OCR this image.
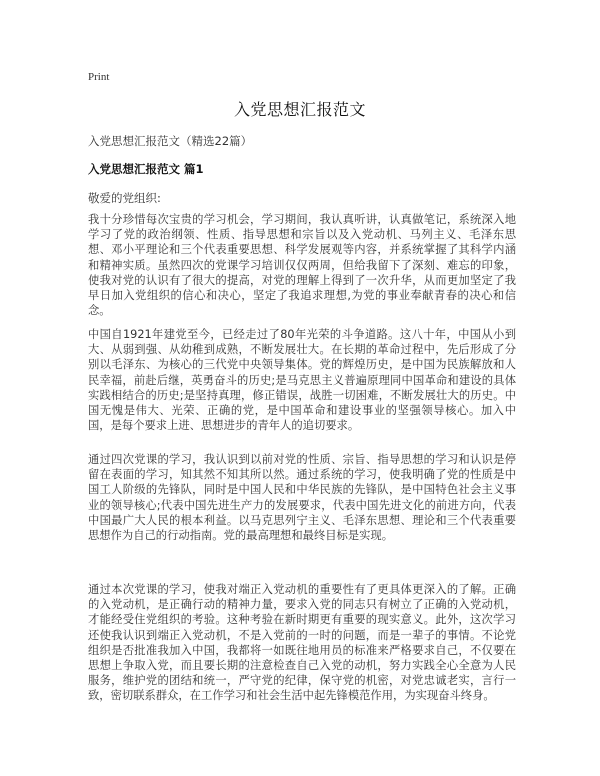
Print
入党思想汇报范文
入党思想汇报范文（精选22篇）
入党思想汇报范文 篇1
敬爱的党组织:

我十分珍惜每次宝贵的学习机会，学习期间，我认真听讲，认真做笔记，系统深入地学习了党的政治纲领、性质、指导思想和宗旨以及入党动机、马列主义、毛泽东思想、邓小平理论和三个代表重要思想、科学发展观等内容，并系统掌握了其科学内涵和精神实质。虽然四次的党课学习培训仅仅两周，但给我留下了深刻、难忘的印象，使我对党的认识有了很大的提高，对党的理解上得到了一次升华，从而更加坚定了我早日加入党组织的信心和决心，坚定了我追求理想,为党的事业奉献青春的决心和信念。

中国自1921年建党至今，已经走过了80年光荣的斗争道路。这八十年，中国从小到大、从弱到强、从幼稚到成熟，不断发展壮大。在长期的革命过程中，先后形成了分别以毛泽东、为核心的三代党中央领导集体。党的辉煌历史，是中国为民族解放和人民幸福，前赴后继，英勇奋斗的历史;是马克思主义普遍原理同中国革命和建设的具体实践相结合的历史;是坚持真理，修正错误，战胜一切困难，不断发展壮大的历史。中国无愧是伟大、光荣、正确的党，是中国革命和建设事业的坚强领导核心。加入中国，是每个要求上进、思想进步的青年人的追切要求。

通过四次党课的学习，我认识到以前对党的性质、宗旨、指导思想的学习和认识是停留在表面的学习，知其然不知其所以然。通过系统的学习，使我明确了党的性质是中国工人阶级的先锋队，同时是中国人民和中华民族的先锋队，是中国特色社会主义事业的领导核心;代表中国先进生产力的发展要求，代表中国先进文化的前进方向，代表中国最广大人民的根本利益。以马克思列宁主义、毛泽东思想、理论和三个代表重要思想作为自己的行动指南。党的最高理想和最终目标是实现。

通过本次党课的学习，使我对端正入党动机的重要性有了更具体更深入的了解。正确的入党动机，是正确行动的精神力量，要求入党的同志只有树立了正确的入党动机，才能经受住党组织的考验。这种考验在新时期更有重要的现实意义。此外，这次学习还使我认识到端正入党动机，不是入党前的一时的问题，而是一辈子的事情。不论党组织是否批准我加入中国，我都将一如既往地用员的标准来严格要求自己，不仅要在思想上争取入党，而且要长期的注意检查自己入党的动机，努力实践全心全意为人民服务，维护党的团结和统一，严守党的纪律，保守党的机密，对党忠诚老实，言行一致，密切联系群众，在工作学习和社会生活中起先锋模范作用，为实现奋斗终身。
